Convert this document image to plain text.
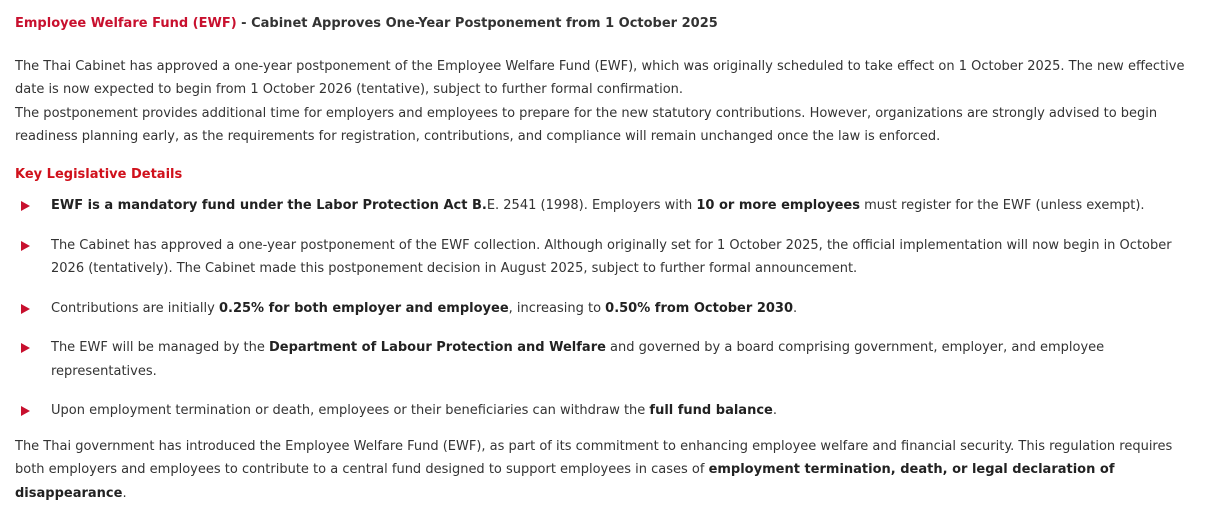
Employee Welfare Fund (EWF) - Cabinet Approves One-Year Postponement from 1 October 2025

The Thai Cabinet has approved a one-year postponement of the Employee Welfare Fund (EWF), which was originally scheduled to take effect on 1 October 2025. The new effective date is now expected to begin from 1 October 2026 (tentative), subject to further formal confirmation.

The postponement provides additional time for employers and employees to prepare for the new statutory contributions. However, organizations are strongly advised to begin readiness planning early, as the requirements for registration, contributions, and compliance will remain unchanged once the law is enforced.

Key Legislative Details
EWF is a mandatory fund under the Labor Protection Act B.E. 2541 (1998). Employers with 10 or more employees must register for the EWF (unless exempt).
The Cabinet has approved a one-year postponement of the EWF collection. Although originally set for 1 October 2025, the official implementation will now begin in October 2026 (tentatively). The Cabinet made this postponement decision in August 2025, subject to further formal announcement.
Contributions are initially 0.25% for both employer and employee, increasing to 0.50% from October 2030.
The EWF will be managed by the Department of Labour Protection and Welfare and governed by a board comprising government, employer, and employee representatives.
Upon employment termination or death, employees or their beneficiaries can withdraw the full fund balance.

The Thai government has introduced the Employee Welfare Fund (EWF), as part of its commitment to enhancing employee welfare and financial security. This regulation requires both employers and employees to contribute to a central fund designed to support employees in cases of employment termination, death, or legal declaration of disappearance.
